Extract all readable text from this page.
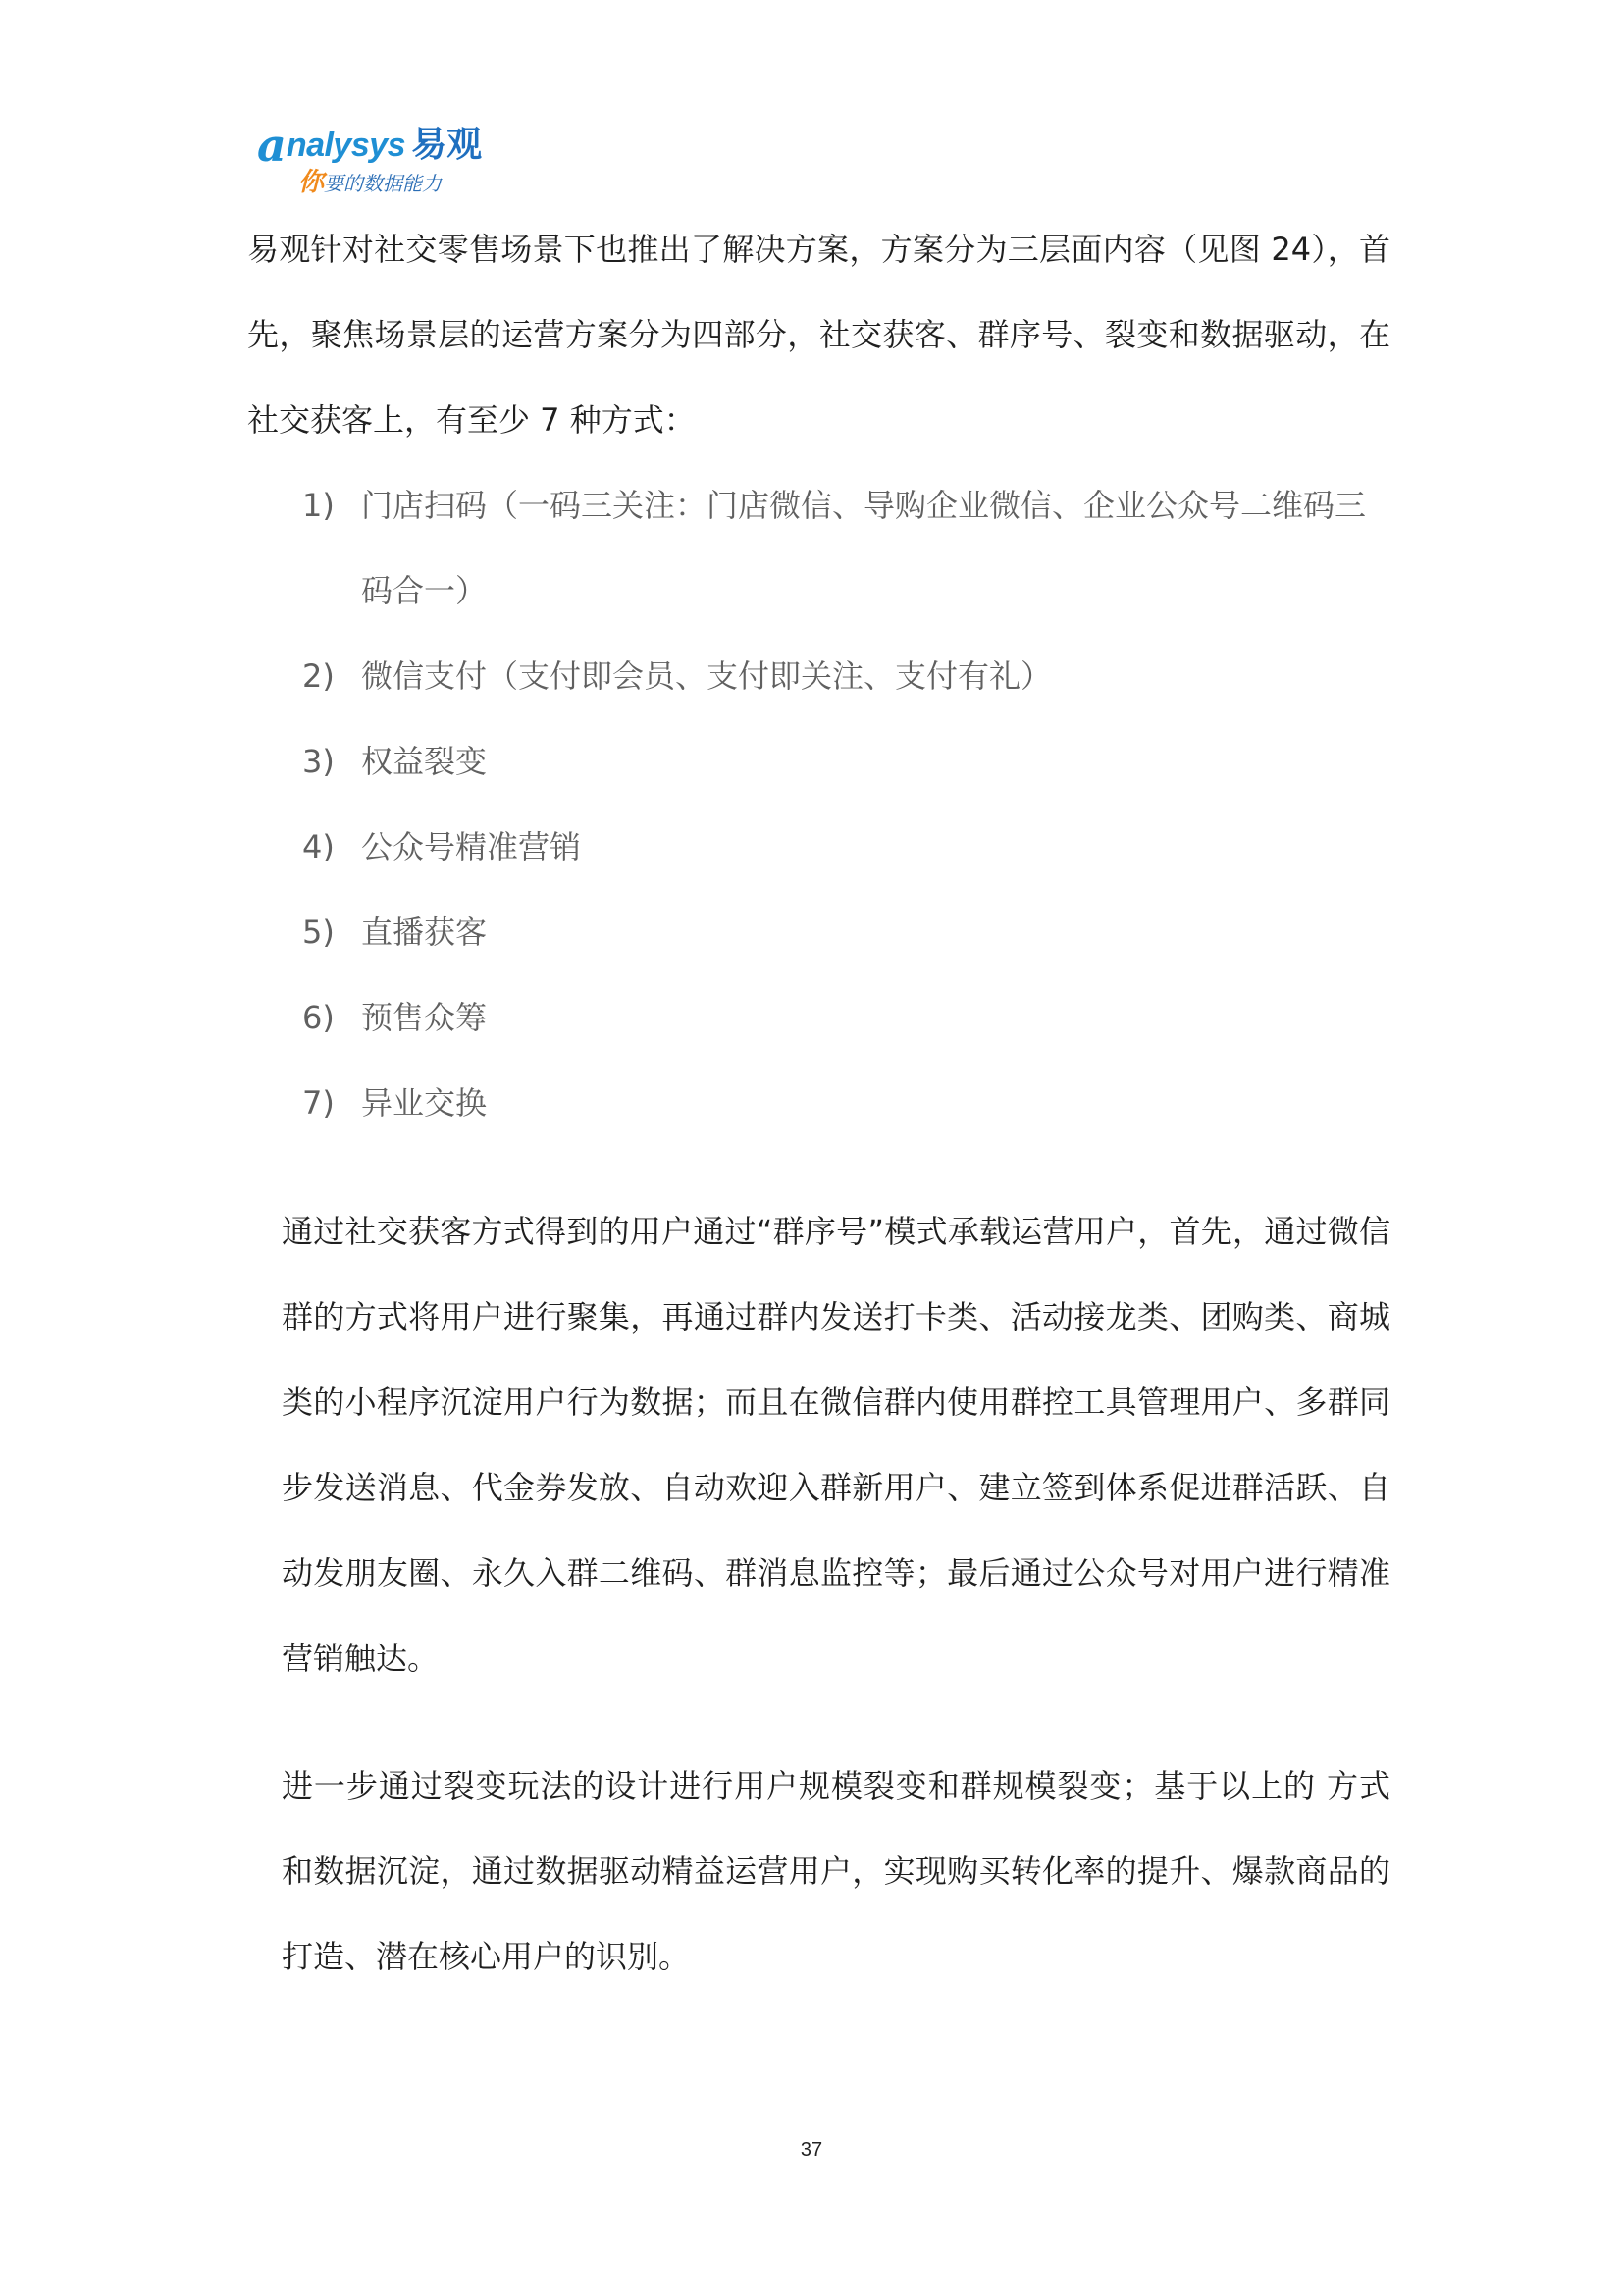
analysys 易观
你要的数据能力
易观针对社交零售场景下也推出了解决方案，方案分为三层面内容（见图 24），首先，聚焦场景层的运营方案分为四部分，社交获客、群序号、裂变和数据驱动，在社交获客上，有至少 7 种方式：
1) 门店扫码（一码三关注：门店微信、导购企业微信、企业公众号二维码三码合一）
2) 微信支付（支付即会员、支付即关注、支付有礼）
3) 权益裂变
4) 公众号精准营销
5) 直播获客
6) 预售众筹
7) 异业交换
通过社交获客方式得到的用户通过“群序号”模式承载运营用户，首先，通过微信群的方式将用户进行聚集，再通过群内发送打卡类、活动接龙类、团购类、商城类的小程序沉淀用户行为数据；而且在微信群内使用群控工具管理用户、多群同步发送消息、代金券发放、自动欢迎入群新用户、建立签到体系促进群活跃、自动发朋友圈、永久入群二维码、群消息监控等；最后通过公众号对用户进行精准营销触达。
进一步通过裂变玩法的设计进行用户规模裂变和群规模裂变；基于以上的 方式和数据沉淀，通过数据驱动精益运营用户，实现购买转化率的提升、爆款商品的打造、潜在核心用户的识别。
37
